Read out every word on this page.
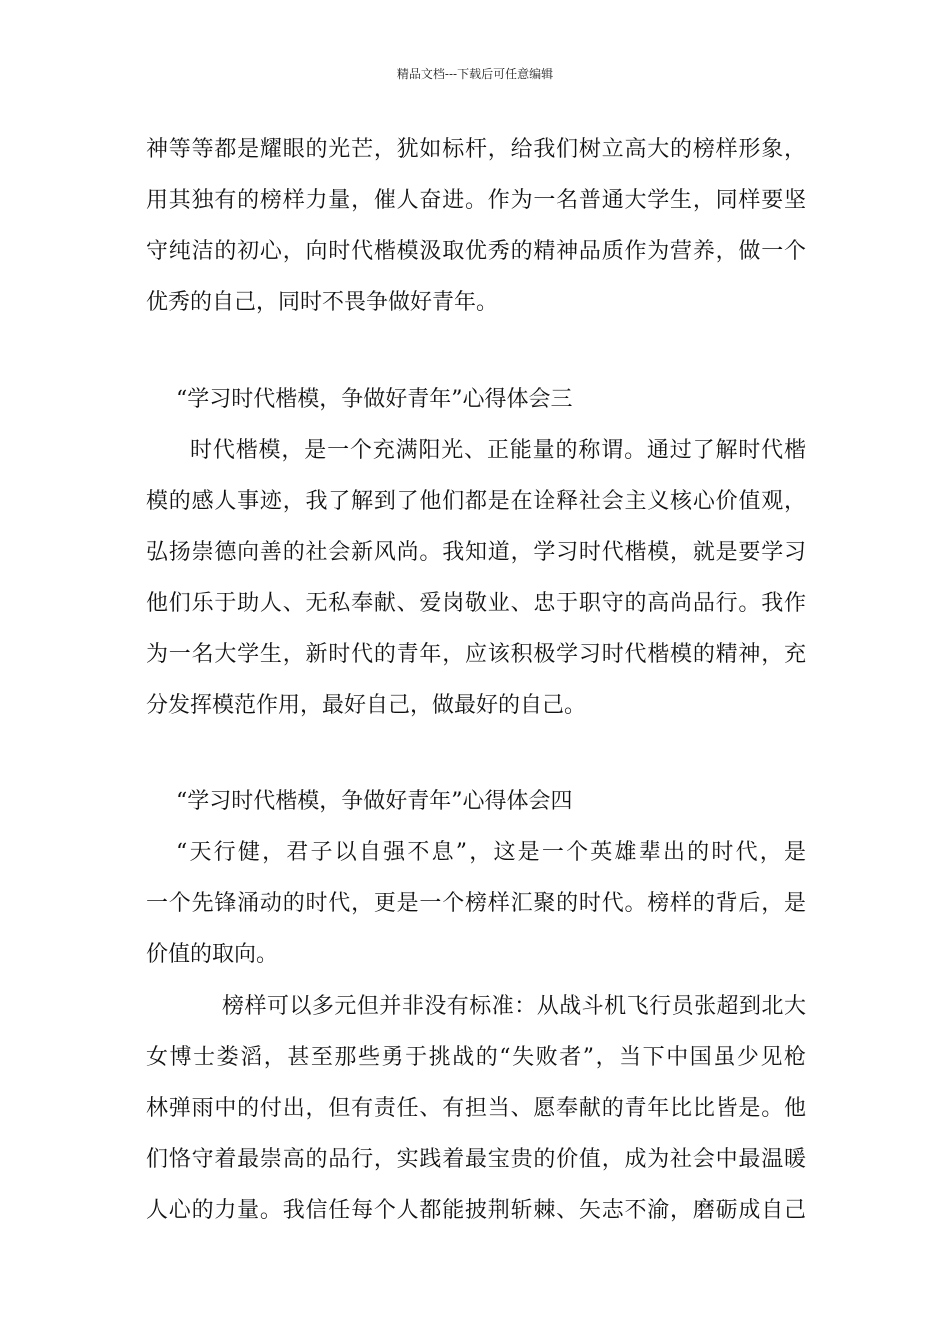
精品文档---下载后可任意编辑
神等等都是耀眼的光芒，犹如标杆，给我们树立高大的榜样形象，
用其独有的榜样力量，催人奋进。作为一名普通大学生，同样要坚
守纯洁的初心，向时代楷模汲取优秀的精神品质作为营养，做一个
优秀的自己，同时不畏争做好青年。
“学习时代楷模，争做好青年”心得体会三
时代楷模，是一个充满阳光、正能量的称谓。通过了解时代楷
模的感人事迹，我了解到了他们都是在诠释社会主义核心价值观，
弘扬崇德向善的社会新风尚。我知道，学习时代楷模，就是要学习
他们乐于助人、无私奉献、爱岗敬业、忠于职守的高尚品行。我作
为一名大学生，新时代的青年，应该积极学习时代楷模的精神，充
分发挥模范作用，最好自己，做最好的自己。
“学习时代楷模，争做好青年”心得体会四
“天行健，君子以自强不息”，这是一个英雄辈出的时代，是
一个先锋涌动的时代，更是一个榜样汇聚的时代。榜样的背后，是
价值的取向。
榜样可以多元但并非没有标准：从战斗机飞行员张超到北大
女博士娄滔，甚至那些勇于挑战的“失败者”，当下中国虽少见枪
林弹雨中的付出，但有责任、有担当、愿奉献的青年比比皆是。他
们恪守着最崇高的品行，实践着最宝贵的价值，成为社会中最温暖
人心的力量。我信任每个人都能披荆斩棘、矢志不渝，磨砺成自己
